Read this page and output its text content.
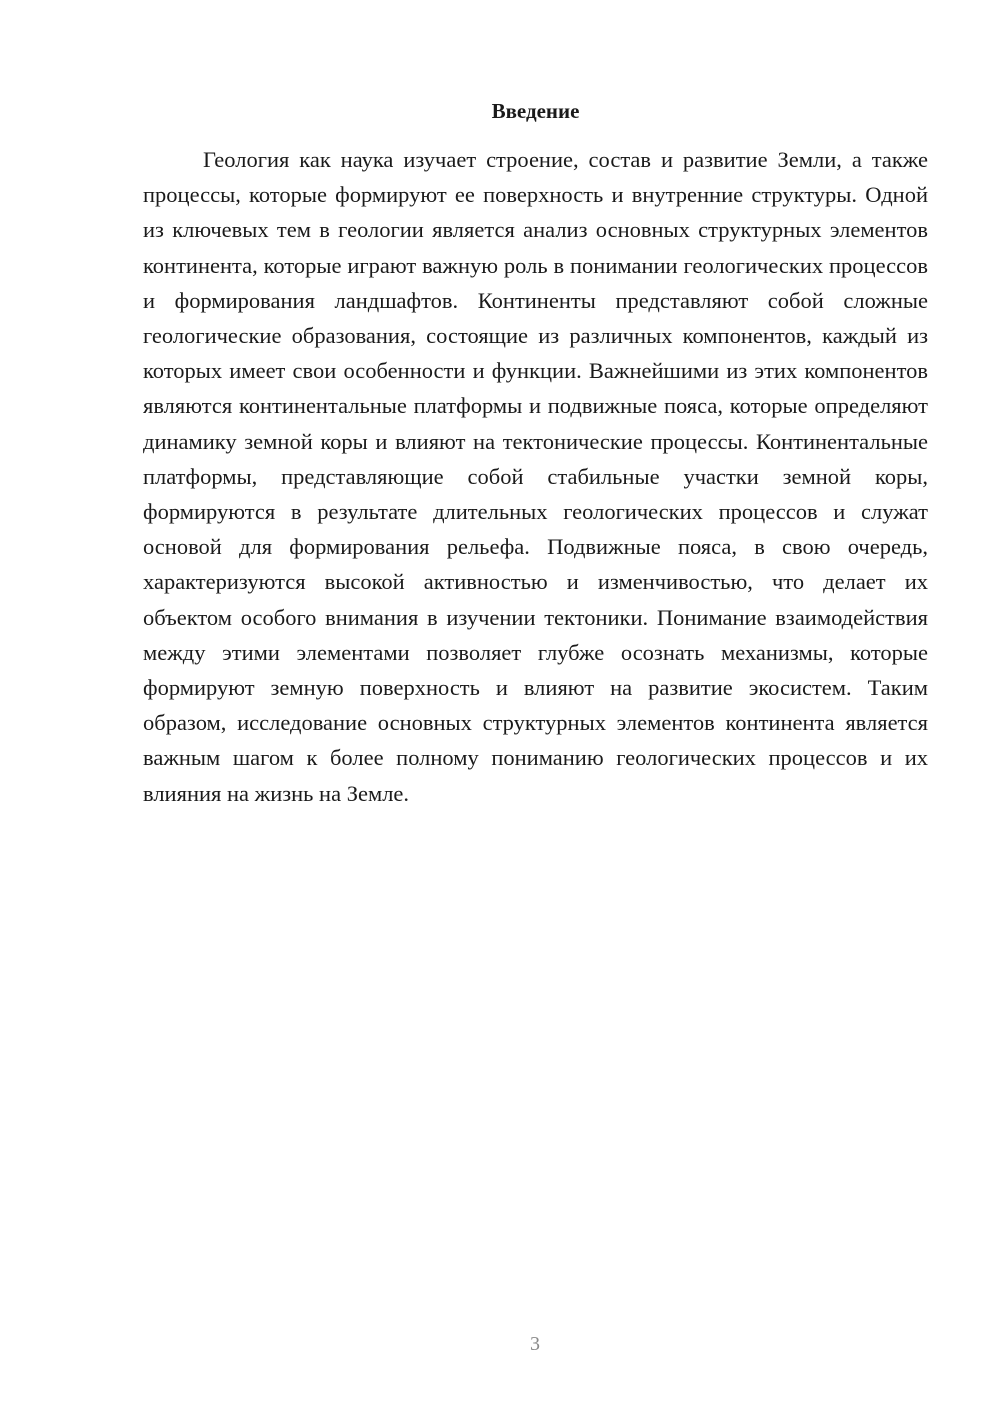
Введение

Геология как наука изучает строение, состав и развитие Земли, а также процессы, которые формируют ее поверхность и внутренние структуры. Одной из ключевых тем в геологии является анализ основных структурных элементов континента, которые играют важную роль в понимании геологических процессов и формирования ландшафтов. Континенты представляют собой сложные геологические образования, состоящие из различных компонентов, каждый из которых имеет свои особенности и функции. Важнейшими из этих компонентов являются континентальные платформы и подвижные пояса, которые определяют динамику земной коры и влияют на тектонические процессы. Континентальные платформы, представляющие собой стабильные участки земной коры, формируются в результате длительных геологических процессов и служат основой для формирования рельефа. Подвижные пояса, в свою очередь, характеризуются высокой активностью и изменчивостью, что делает их объектом особого внимания в изучении тектоники. Понимание взаимодействия между этими элементами позволяет глубже осознать механизмы, которые формируют земную поверхность и влияют на развитие экосистем. Таким образом, исследование основных структурных элементов континента является важным шагом к более полному пониманию геологических процессов и их влияния на жизнь на Земле.

3
